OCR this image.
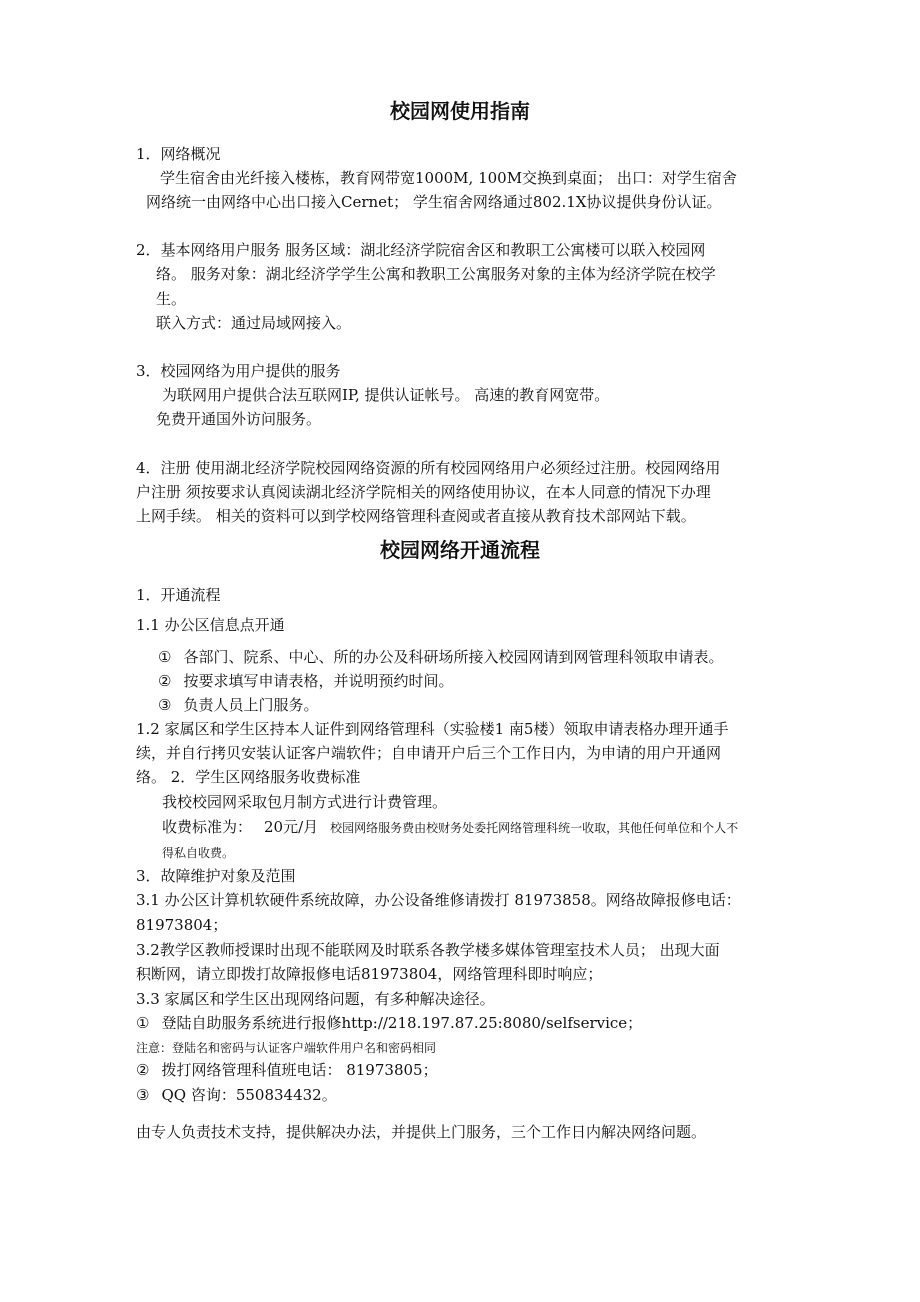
校园网使用指南
1．网络概况
学生宿舍由光纤接入楼栋，教育网带宽1000M, 100M交换到桌面； 出口：对学生宿舍
网络统一由网络中心出口接入Cernet； 学生宿舍网络通过802.1X协议提供身份认证。
2．基本网络用户服务 服务区域：湖北经济学院宿舍区和教职工公寓楼可以联入校园网
络。 服务对象：湖北经济学学生公寓和教职工公寓服务对象的主体为经济学院在校学
生。
联入方式：通过局域网接入。
3．校园网络为用户提供的服务
为联网用户提供合法互联网IP, 提供认证帐号。 高速的教育网宽带。
免费开通国外访问服务。
4．注册 使用湖北经济学院校园网络资源的所有校园网络用户必须经过注册。校园网络用
户注册 须按要求认真阅读湖北经济学院相关的网络使用协议，在本人同意的情况下办理
上网手续。 相关的资料可以到学校网络管理科查阅或者直接从教育技术部网站下载。
校园网络开通流程
1．开通流程
1.1 办公区信息点开通
① 各部门、院系、中心、所的办公及科研场所接入校园网请到网管理科领取申请表。
② 按要求填写申请表格，并说明预约时间。
③ 负责人员上门服务。
1.2 家属区和学生区持本人证件到网络管理科（实验楼1 南5楼）领取申请表格办理开通手
续，并自行拷贝安装认证客户端软件；自申请开户后三个工作日内，为申请的用户开通网
络。 2．学生区网络服务收费标准
我校校园网采取包月制方式进行计费管理。
收费标准为： 20元/月 校园网络服务费由校财务处委托网络管理科统一收取，其他任何单位和个人不
得私自收费。
3．故障维护对象及范围
3.1 办公区计算机软硬件系统故障，办公设备维修请拨打 81973858。网络故障报修电话：
81973804；
3.2教学区教师授课时出现不能联网及时联系各教学楼多媒体管理室技术人员； 出现大面
积断网，请立即拨打故障报修电话81973804，网络管理科即时响应；
3.3 家属区和学生区出现网络问题，有多种解决途径。
① 登陆自助服务系统进行报修http://218.197.87.25:8080/selfservice；
注意：登陆名和密码与认证客户端软件用户名和密码相同
② 拨打网络管理科值班电话： 81973805；
③ QQ 咨询：550834432。
由专人负责技术支持，提供解决办法，并提供上门服务，三个工作日内解决网络问题。
